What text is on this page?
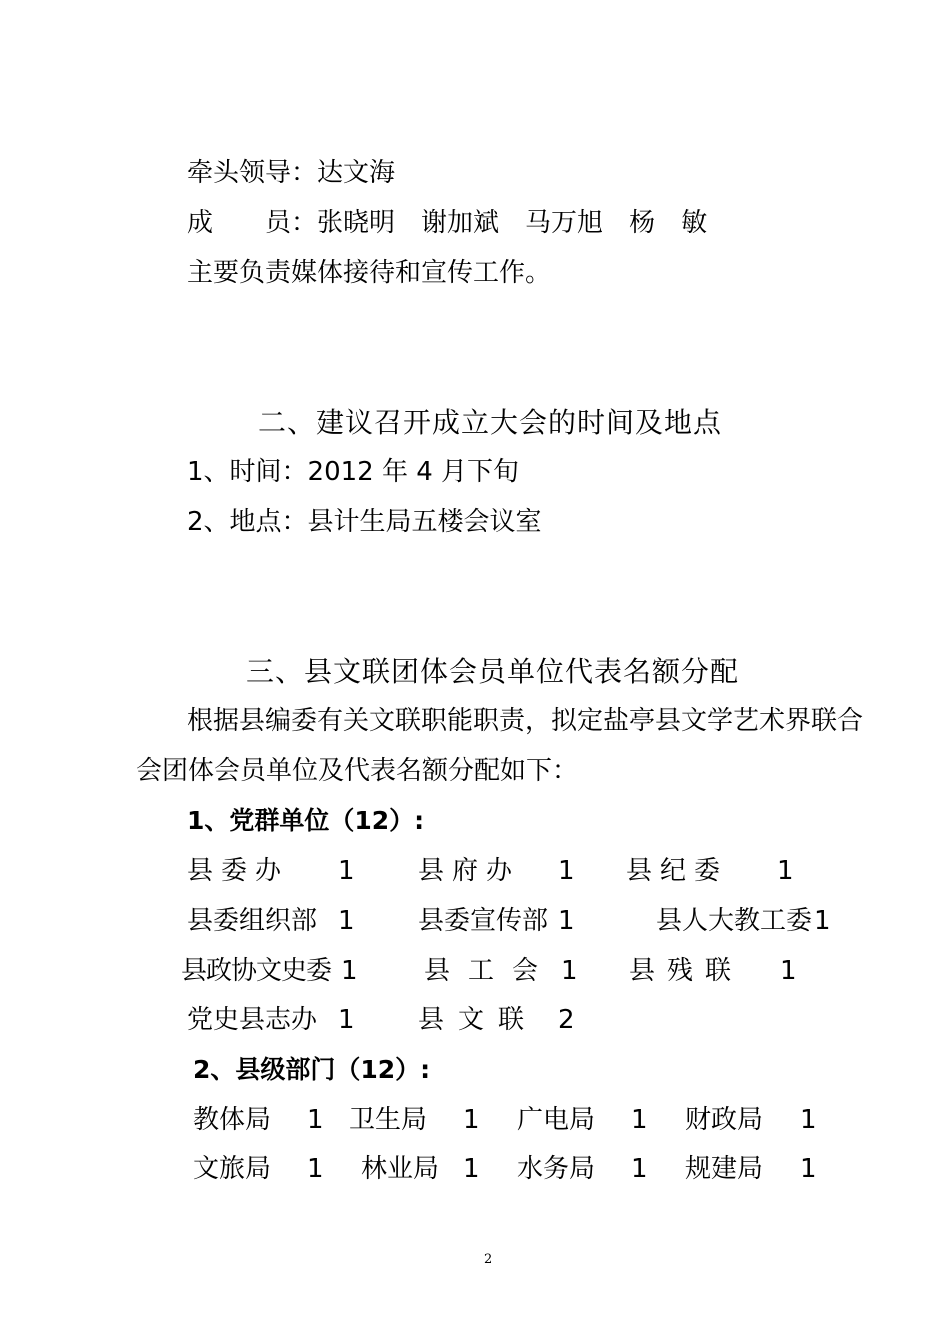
牵头领导：达文海
成　　员：张晓明 谢加斌 马万旭 杨　敏
主要负责媒体接待和宣传工作。
二、建议召开成立大会的时间及地点
1、时间：2012 年 4 月下旬
2、地点：县计生局五楼会议室
三、县文联团体会员单位代表名额分配
根据县编委有关文联职能职责，拟定盐亭县文学艺术界联合
会团体会员单位及代表名额分配如下：
1、党群单位（12）:
县委办 1 县府办 1 县纪委 1
县委组织部 1 县委宣传部 1	县人大教工委 1
县政协文史委 1	县工会 1 县残联 1
党史县志办 1 县文联 2
2、县级部门（12）:
教体局 1 卫生局 1 广电局 1 财政局 1
文旅局 1 林业局 1 水务局 1 规建局 1
2
